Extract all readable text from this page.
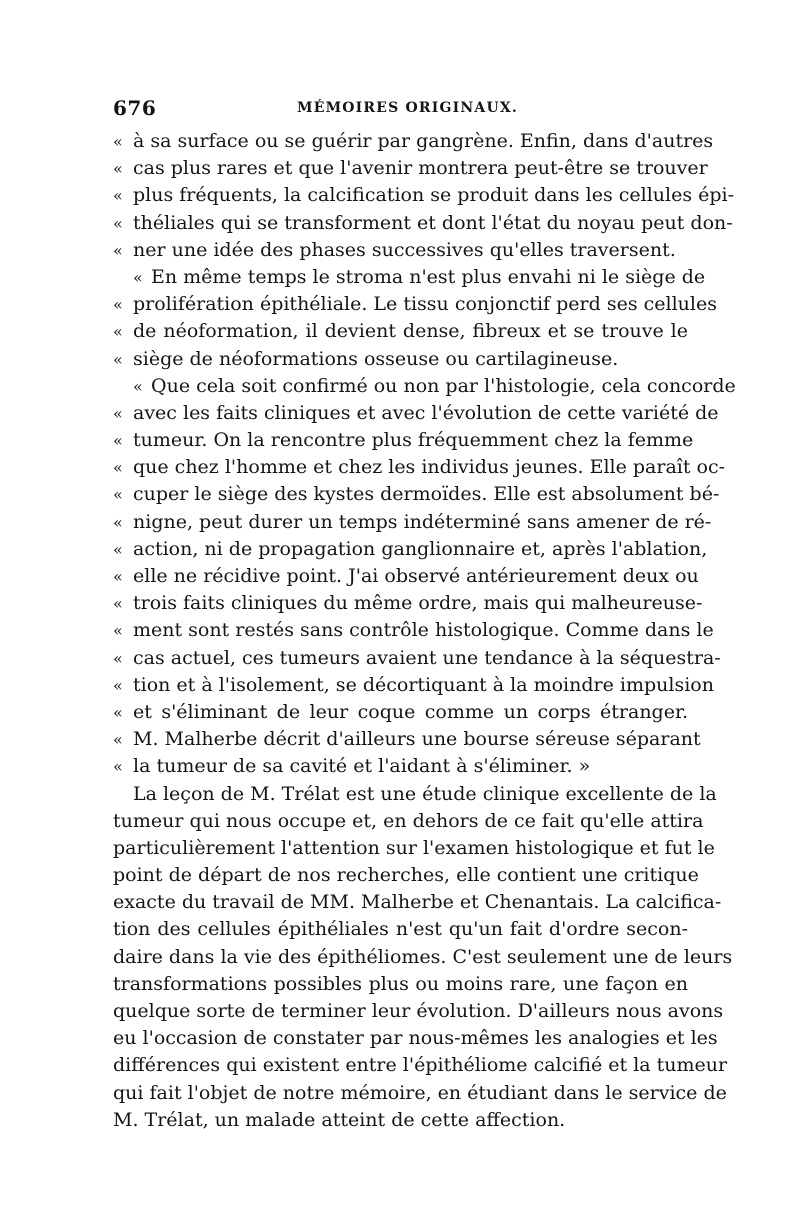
676	MÉMOIRES ORIGINAUX.
« à sa surface ou se guérir par gangrène. Enfin, dans d'autres
« cas plus rares et que l'avenir montrera peut-être se trouver
« plus fréquents, la calcification se produit dans les cellules épi-
« théliales qui se transforment et dont l'état du noyau peut don-
« ner une idée des phases successives qu'elles traversent.
« En même temps le stroma n'est plus envahi ni le siège de
« prolifération épithéliale. Le tissu conjonctif perd ses cellules
« de néoformation, il devient dense, fibreux et se trouve le
« siège de néoformations osseuse ou cartilagineuse.
« Que cela soit confirmé ou non par l'histologie, cela concorde
« avec les faits cliniques et avec l'évolution de cette variété de
« tumeur. On la rencontre plus fréquemment chez la femme
« que chez l'homme et chez les individus jeunes. Elle paraît oc-
« cuper le siège des kystes dermoïdes. Elle est absolument bé-
« nigne, peut durer un temps indéterminé sans amener de ré-
« action, ni de propagation ganglionnaire et, après l'ablation,
« elle ne récidive point. J'ai observé antérieurement deux ou
« trois faits cliniques du même ordre, mais qui malheureuse-
« ment sont restés sans contrôle histologique. Comme dans le
« cas actuel, ces tumeurs avaient une tendance à la séquestra-
« tion et à l'isolement, se décortiquant à la moindre impulsion
« et s'éliminant de leur coque comme un corps étranger.
« M. Malherbe décrit d'ailleurs une bourse séreuse séparant
« la tumeur de sa cavité et l'aidant à s'éliminer. »
La leçon de M. Trélat est une étude clinique excellente de la
tumeur qui nous occupe et, en dehors de ce fait qu'elle attira
particulièrement l'attention sur l'examen histologique et fut le
point de départ de nos recherches, elle contient une critique
exacte du travail de MM. Malherbe et Chenantais. La calcifica-
tion des cellules épithéliales n'est qu'un fait d'ordre secon-
daire dans la vie des épithéliomes. C'est seulement une de leurs
transformations possibles plus ou moins rare, une façon en
quelque sorte de terminer leur évolution. D'ailleurs nous avons
eu l'occasion de constater par nous-mêmes les analogies et les
différences qui existent entre l'épithéliome calcifié et la tumeur
qui fait l'objet de notre mémoire, en étudiant dans le service de
M. Trélat, un malade atteint de cette affection.
